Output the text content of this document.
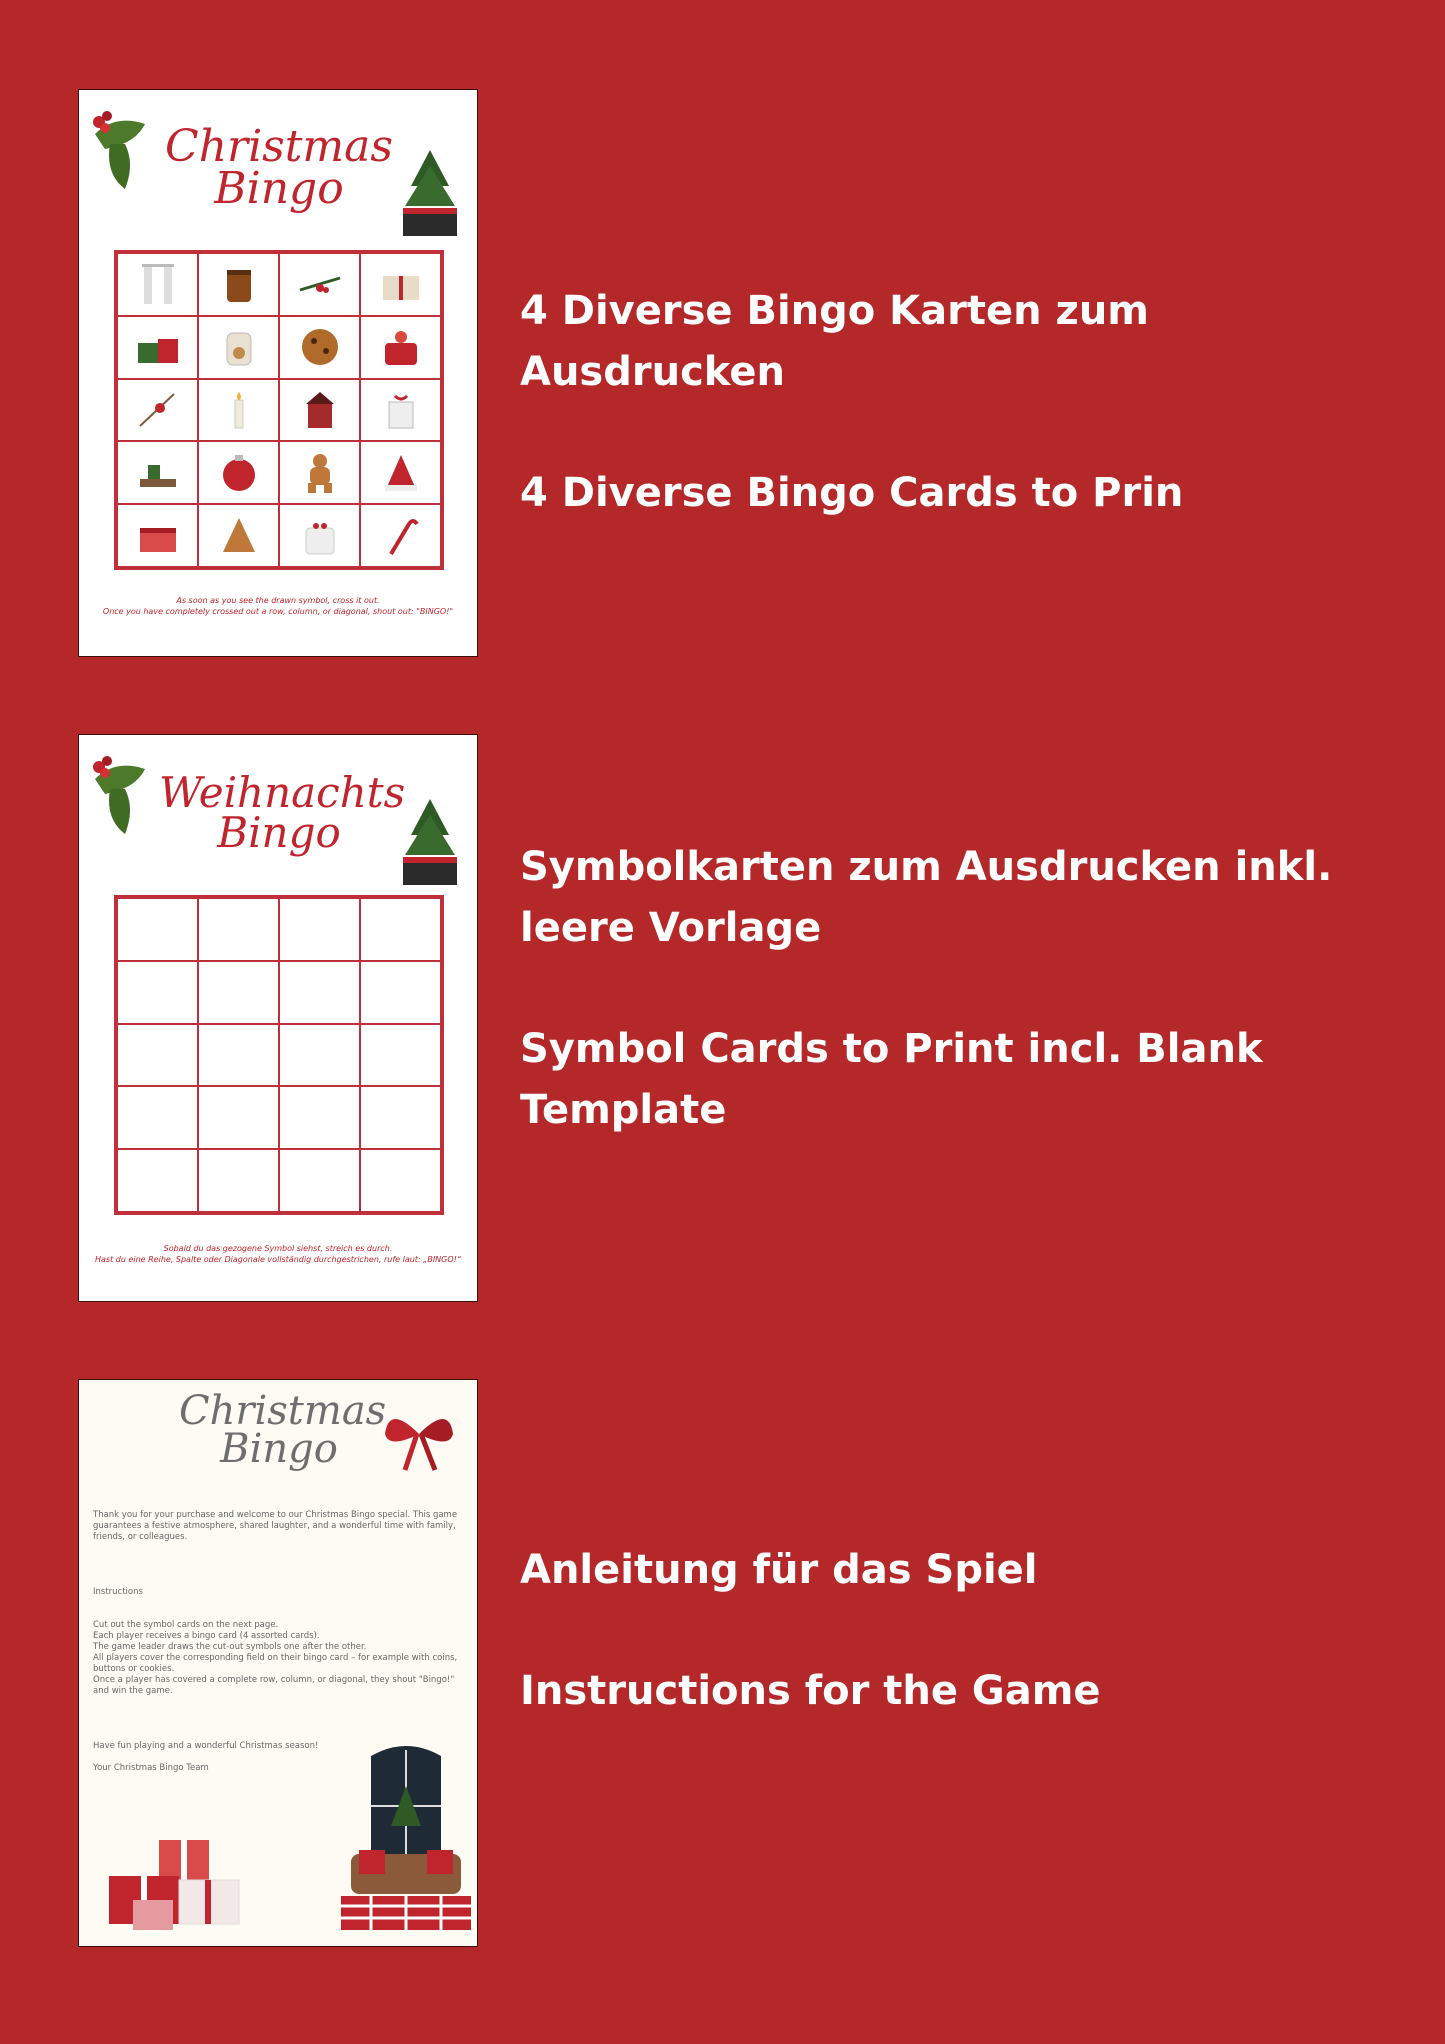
Christmas
Bingo
As soon as you see the drawn symbol, cross it out.
Once you have completely crossed out a row, column, or diagonal, shout out: "BINGO!"

4 Diverse Bingo Karten zum Ausdrucken

4 Diverse Bingo Cards to Prin

Weihnachts
Bingo
Sobald du das gezogene Symbol siehst, streich es durch.
Hast du eine Reihe, Spalte oder Diagonale vollständig durchgestrichen, rufe laut: „BINGO!“

Symbolkarten zum Ausdrucken inkl. leere Vorlage

Symbol Cards to Print incl. Blank Template

Christmas
Bingo

Thank you for your purchase and welcome to our Christmas Bingo special. This game guarantees a festive atmosphere, shared laughter, and a wonderful time with family, friends, or colleagues.

Instructions

Cut out the symbol cards on the next page.

Each player receives a bingo card (4 assorted cards).

The game leader draws the cut-out symbols one after the other.

All players cover the corresponding field on their bingo card – for example with coins, buttons or cookies.

Once a player has covered a complete row, column, or diagonal, they shout "Bingo!" and win the game.

Have fun playing and a wonderful Christmas season!

Your Christmas Bingo Team

Anleitung für das Spiel

Instructions for the Game
